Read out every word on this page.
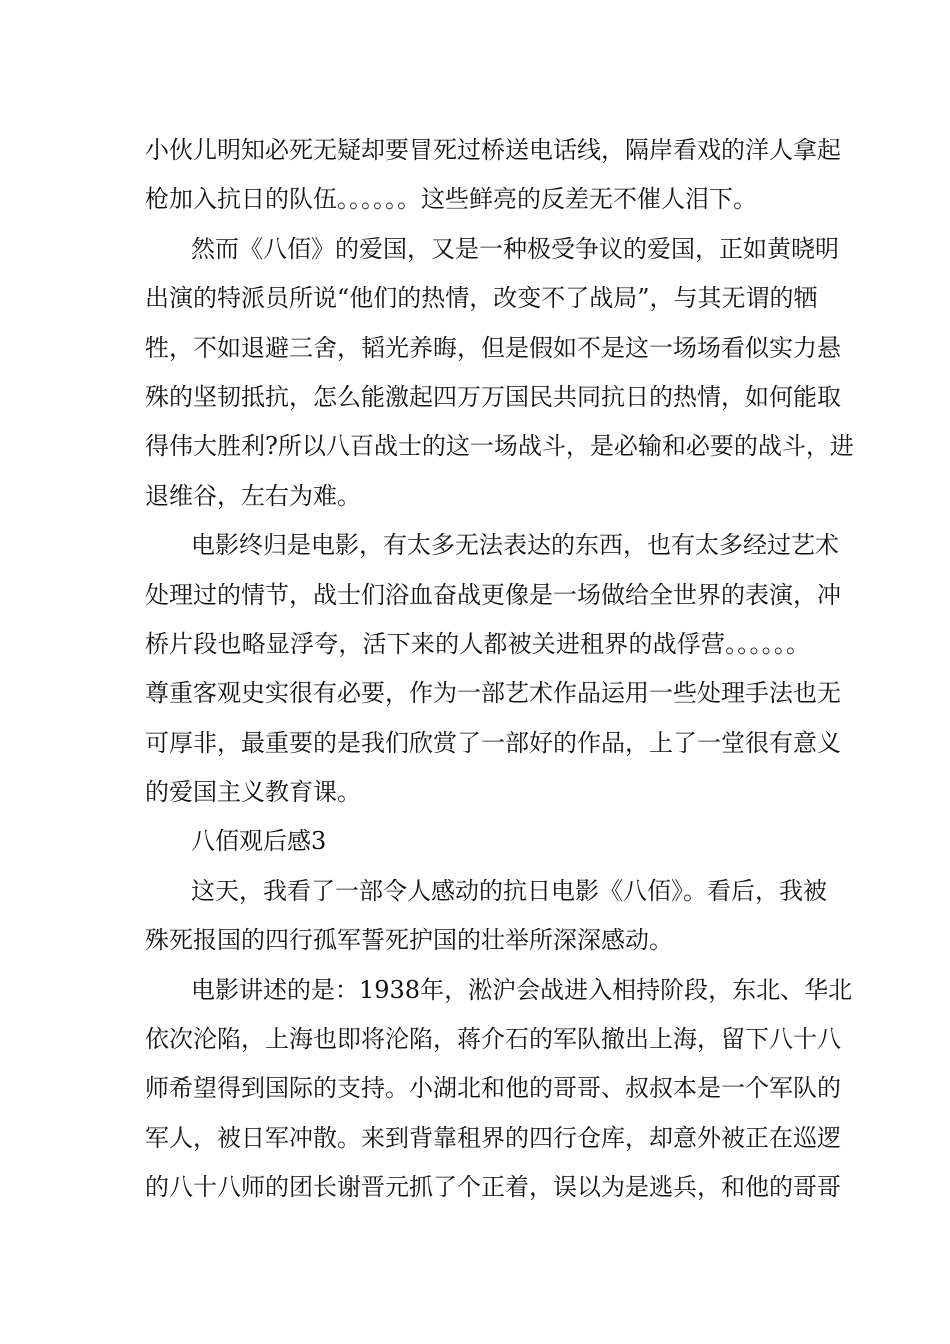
小伙儿明知必死无疑却要冒死过桥送电话线，隔岸看戏的洋人拿起
枪加入抗日的队伍。。。。。。这些鲜亮的反差无不催人泪下。
然而《八佰》的爱国，又是一种极受争议的爱国，正如黄晓明
出演的特派员所说“他们的热情，改变不了战局”，与其无谓的牺
牲，不如退避三舍，韬光养晦，但是假如不是这一场场看似实力悬
殊的坚韧抵抗，怎么能激起四万万国民共同抗日的热情，如何能取
得伟大胜利?所以八百战士的这一场战斗，是必输和必要的战斗，进
退维谷，左右为难。
电影终归是电影，有太多无法表达的东西，也有太多经过艺术
处理过的情节，战士们浴血奋战更像是一场做给全世界的表演，冲
桥片段也略显浮夸，活下来的人都被关进租界的战俘营。。。。。。
尊重客观史实很有必要，作为一部艺术作品运用一些处理手法也无
可厚非，最重要的是我们欣赏了一部好的作品，上了一堂很有意义
的爱国主义教育课。
八佰观后感3
这天，我看了一部令人感动的抗日电影《八佰》。看后，我被
殊死报国的四行孤军誓死护国的壮举所深深感动。
电影讲述的是：1938年，淞沪会战进入相持阶段，东北、华北
依次沦陷，上海也即将沦陷，蒋介石的军队撤出上海，留下八十八
师希望得到国际的支持。小湖北和他的哥哥、叔叔本是一个军队的
军人，被日军冲散。来到背靠租界的四行仓库，却意外被正在巡逻
的八十八师的团长谢晋元抓了个正着，误以为是逃兵，和他的哥哥
